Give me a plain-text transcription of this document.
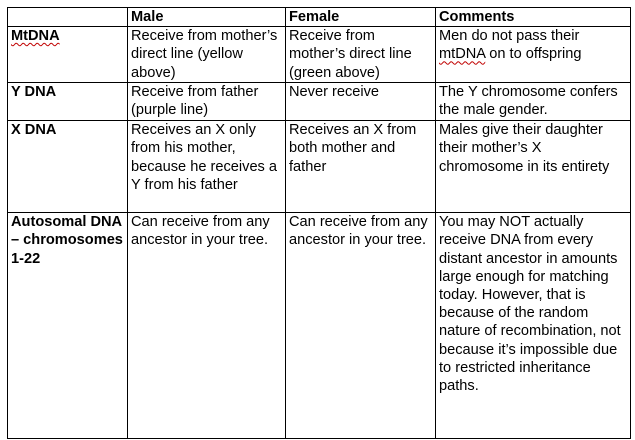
	Male	Female	Comments
MtDNA	Receive from mother’s direct line (yellow above)	Receive from mother’s direct line (green above)	Men do not pass their mtDNA on to offspring
Y DNA	Receive from father (purple line)	Never receive	The Y chromosome confers the male gender.
X DNA	Receives an X only from his mother, because he receives a Y from his father	Receives an X from both mother and father	Males give their daughter their mother’s X chromosome in its entirety
Autosomal DNA – chromosomes 1-22	Can receive from any ancestor in your tree.	Can receive from any ancestor in your tree.	You may NOT actually receive DNA from every distant ancestor in amounts large enough for matching today. However, that is because of the random nature of recombination, not because it’s impossible due to restricted inheritance paths.
